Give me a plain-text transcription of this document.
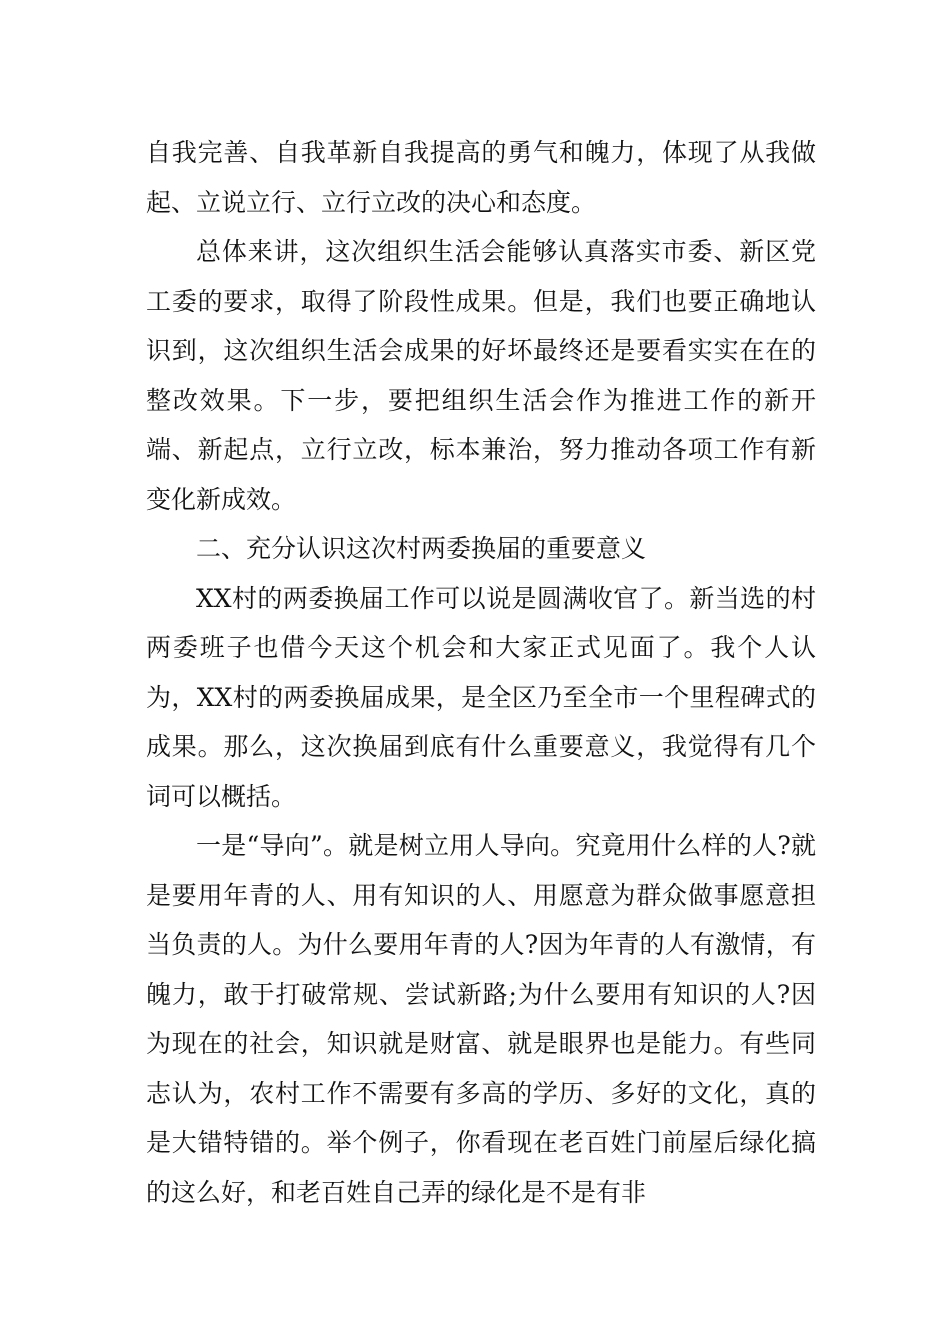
自我完善、自我革新自我提高的勇气和魄力，体现了从我做起、立说立行、立行立改的决心和态度。

总体来讲，这次组织生活会能够认真落实市委、新区党工委的要求，取得了阶段性成果。但是，我们也要正确地认识到，这次组织生活会成果的好坏最终还是要看实实在在的整改效果。下一步，要把组织生活会作为推进工作的新开端、新起点，立行立改，标本兼治，努力推动各项工作有新变化新成效。

二、充分认识这次村两委换届的重要意义

XX村的两委换届工作可以说是圆满收官了。新当选的村两委班子也借今天这个机会和大家正式见面了。我个人认为，XX村的两委换届成果，是全区乃至全市一个里程碑式的成果。那么，这次换届到底有什么重要意义，我觉得有几个词可以概括。

一是“导向”。就是树立用人导向。究竟用什么样的人?就是要用年青的人、用有知识的人、用愿意为群众做事愿意担当负责的人。为什么要用年青的人?因为年青的人有激情，有魄力，敢于打破常规、尝试新路;为什么要用有知识的人?因为现在的社会，知识就是财富、就是眼界也是能力。有些同志认为，农村工作不需要有多高的学历、多好的文化，真的是大错特错的。举个例子，你看现在老百姓门前屋后绿化搞的这么好，和老百姓自己弄的绿化是不是有非
